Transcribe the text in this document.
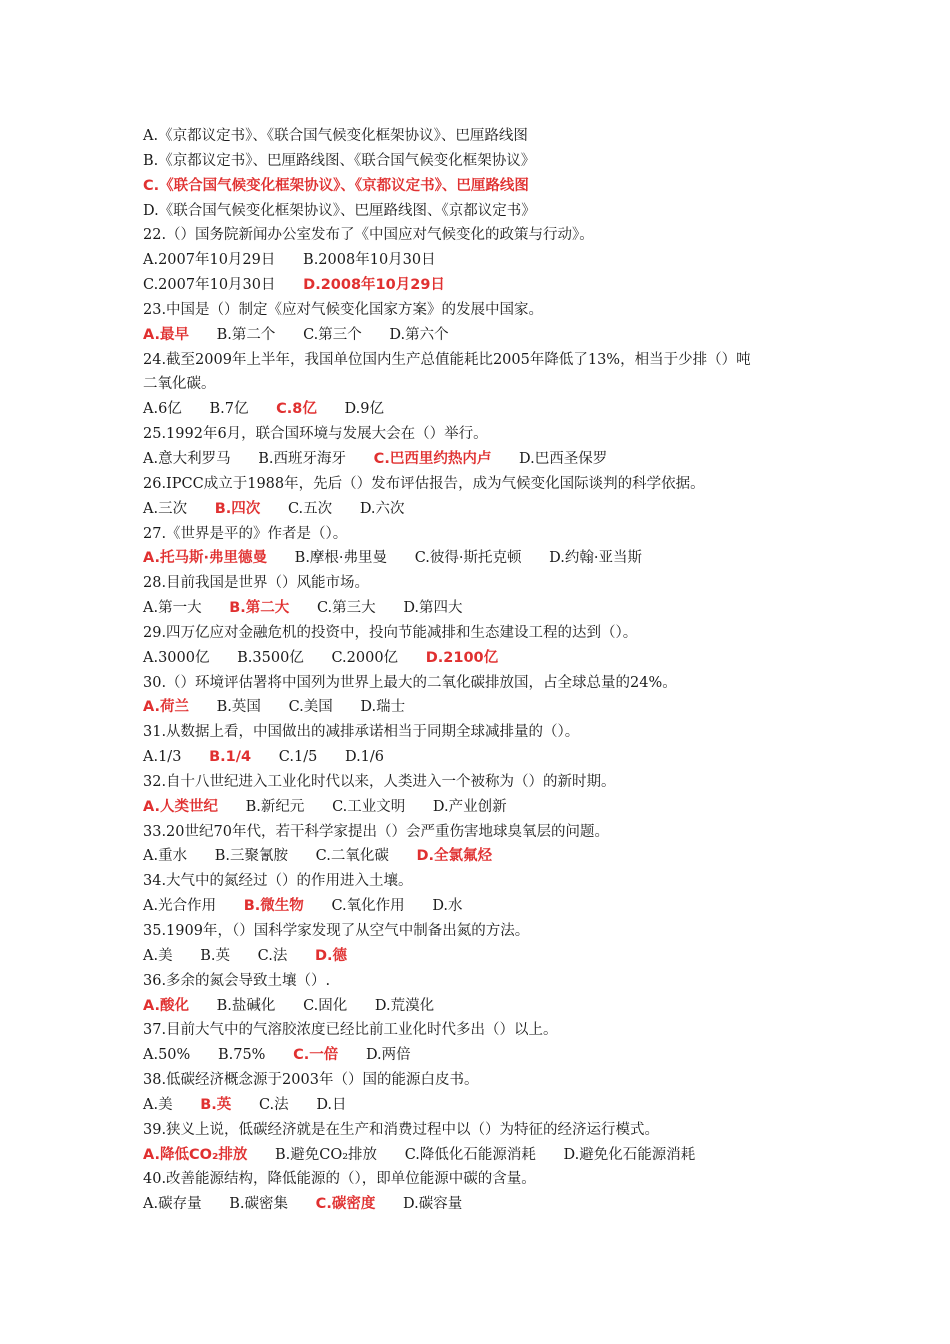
A.《京都议定书》、《联合国气候变化框架协议》、巴厘路线图
B.《京都议定书》、巴厘路线图、《联合国气候变化框架协议》
C.《联合国气候变化框架协议》、《京都议定书》、巴厘路线图
D.《联合国气候变化框架协议》、巴厘路线图、《京都议定书》
22.（）国务院新闻办公室发布了《中国应对气候变化的政策与行动》。
A.2007年10月29日 B.2008年10月30日
C.2007年10月30日 D.2008年10月29日
23.中国是（）制定《应对气候变化国家方案》的发展中国家。
A.最早 B.第二个 C.第三个 D.第六个
24.截至2009年上半年，我国单位国内生产总值能耗比2005年降低了13%，相当于少排（）吨
二氧化碳。
A.6亿 B.7亿 C.8亿 D.9亿
25.1992年6月，联合国环境与发展大会在（）举行。
A.意大利罗马 B.西班牙海牙 C.巴西里约热内卢 D.巴西圣保罗
26.IPCC成立于1988年，先后（）发布评估报告，成为气候变化国际谈判的科学依据。
A.三次 B.四次 C.五次 D.六次
27.《世界是平的》作者是（）。
A.托马斯·弗里德曼 B.摩根·弗里曼 C.彼得·斯托克顿 D.约翰·亚当斯
28.目前我国是世界（）风能市场。
A.第一大 B.第二大 C.第三大 D.第四大
29.四万亿应对金融危机的投资中，投向节能减排和生态建设工程的达到（）。
A.3000亿 B.3500亿 C.2000亿 D.2100亿
30.（）环境评估署将中国列为世界上最大的二氧化碳排放国，占全球总量的24%。
A.荷兰 B.英国 C.美国 D.瑞士
31.从数据上看，中国做出的减排承诺相当于同期全球减排量的（）。
A.1/3 B.1/4 C.1/5 D.1/6
32.自十八世纪进入工业化时代以来，人类进入一个被称为（）的新时期。
A.人类世纪 B.新纪元 C.工业文明 D.产业创新
33.20世纪70年代，若干科学家提出（）会严重伤害地球臭氧层的问题。
A.重水 B.三聚氰胺 C.二氧化碳 D.全氯氟烃
34.大气中的氮经过（）的作用进入土壤。
A.光合作用 B.微生物 C.氧化作用 D.水
35.1909年，（）国科学家发现了从空气中制备出氮的方法。
A.美 B.英 C.法 D.德
36.多余的氮会导致土壤（）.
A.酸化 B.盐碱化 C.固化 D.荒漠化
37.目前大气中的气溶胶浓度已经比前工业化时代多出（）以上。
A.50% B.75% C.一倍 D.两倍
38.低碳经济概念源于2003年（）国的能源白皮书。
A.美 B.英 C.法 D.日
39.狭义上说，低碳经济就是在生产和消费过程中以（）为特征的经济运行模式。
A.降低CO₂排放 B.避免CO₂排放 C.降低化石能源消耗 D.避免化石能源消耗
40.改善能源结构，降低能源的（），即单位能源中碳的含量。
A.碳存量 B.碳密集 C.碳密度 D.碳容量
